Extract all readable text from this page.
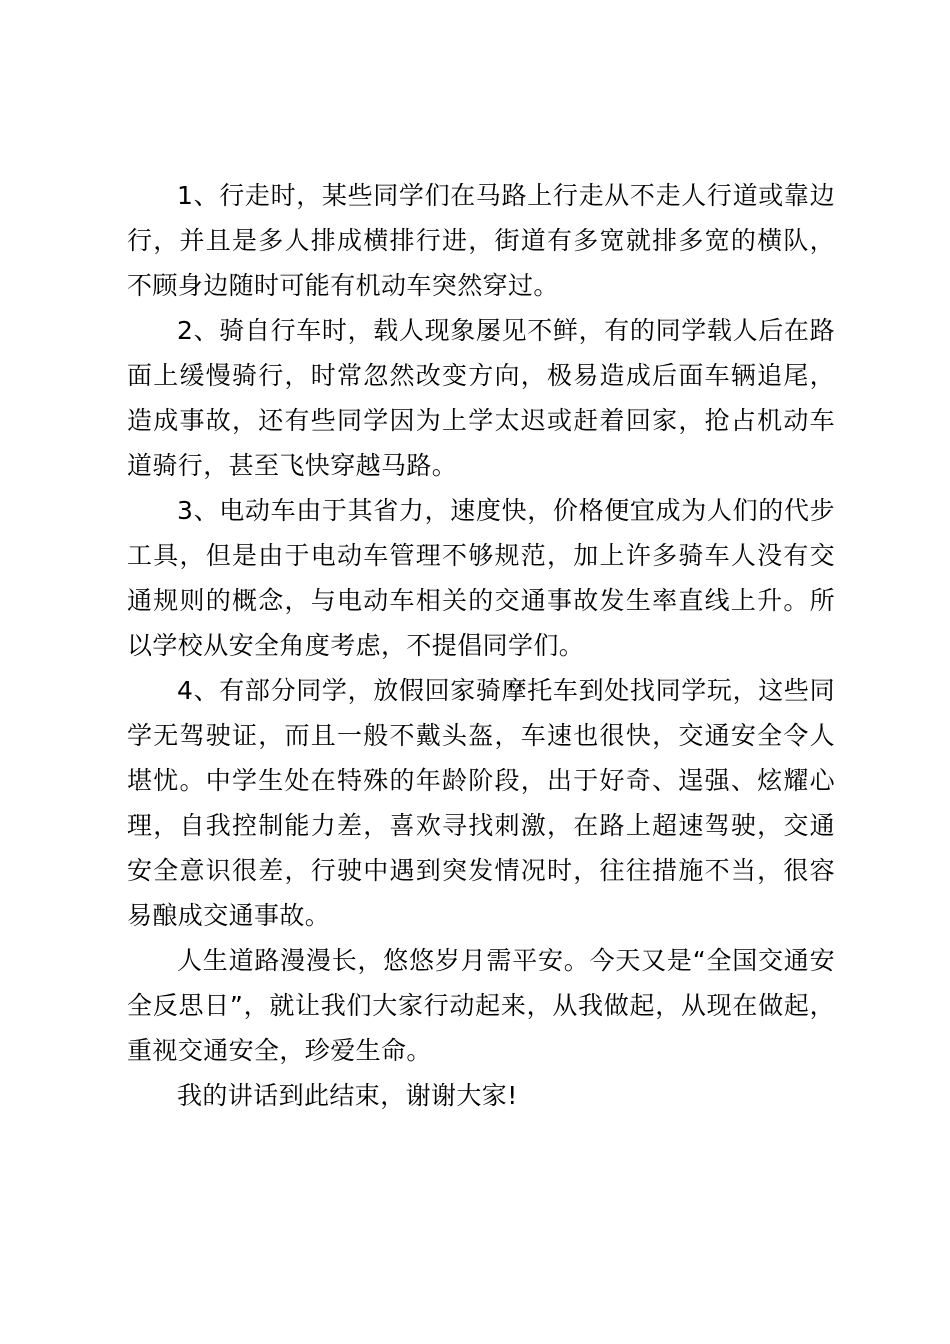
1、行走时，某些同学们在马路上行走从不走人行道或靠边行，并且是多人排成横排行进，街道有多宽就排多宽的横队，不顾身边随时可能有机动车突然穿过。

2、骑自行车时，载人现象屡见不鲜，有的同学载人后在路面上缓慢骑行，时常忽然改变方向，极易造成后面车辆追尾，造成事故，还有些同学因为上学太迟或赶着回家，抢占机动车道骑行，甚至飞快穿越马路。

3、电动车由于其省力，速度快，价格便宜成为人们的代步工具，但是由于电动车管理不够规范，加上许多骑车人没有交通规则的概念，与电动车相关的交通事故发生率直线上升。所以学校从安全角度考虑，不提倡同学们。

4、有部分同学，放假回家骑摩托车到处找同学玩，这些同学无驾驶证，而且一般不戴头盔，车速也很快，交通安全令人堪忧。中学生处在特殊的年龄阶段，出于好奇、逞强、炫耀心理，自我控制能力差，喜欢寻找刺激，在路上超速驾驶，交通安全意识很差，行驶中遇到突发情况时，往往措施不当，很容易酿成交通事故。

人生道路漫漫长，悠悠岁月需平安。今天又是“全国交通安全反思日”，就让我们大家行动起来，从我做起，从现在做起，重视交通安全，珍爱生命。

我的讲话到此结束，谢谢大家!
